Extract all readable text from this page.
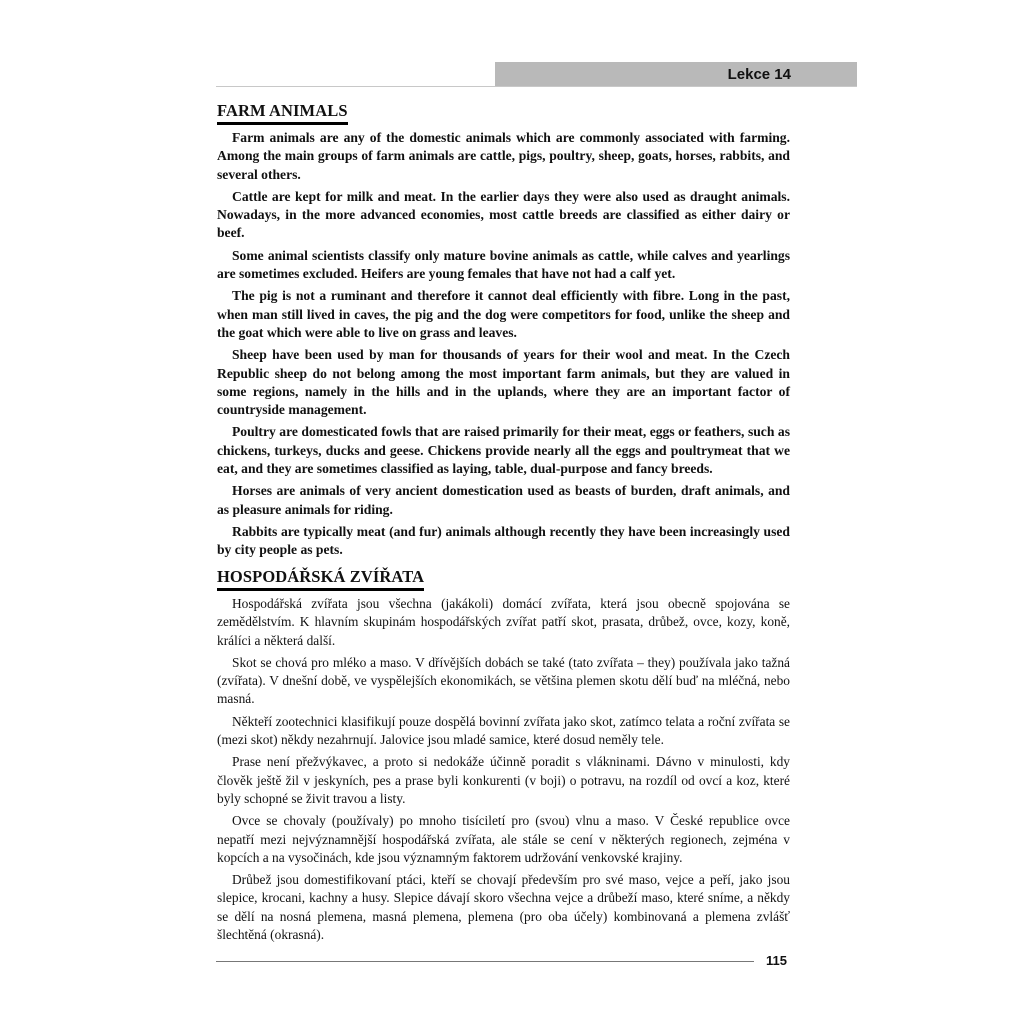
Lekce 14
FARM ANIMALS

Farm animals are any of the domestic animals which are commonly associated with farming. Among the main groups of farm animals are cattle, pigs, poultry, sheep, goats, horses, rabbits, and several others.

Cattle are kept for milk and meat. In the earlier days they were also used as draught animals. Nowadays, in the more advanced economies, most cattle breeds are classified as either dairy or beef.

Some animal scientists classify only mature bovine animals as cattle, while calves and yearlings are sometimes excluded. Heifers are young females that have not had a calf yet.

The pig is not a ruminant and therefore it cannot deal efficiently with fibre. Long in the past, when man still lived in caves, the pig and the dog were competitors for food, unlike the sheep and the goat which were able to live on grass and leaves.

Sheep have been used by man for thousands of years for their wool and meat. In the Czech Republic sheep do not belong among the most important farm animals, but they are valued in some regions, namely in the hills and in the uplands, where they are an important factor of countryside management.

Poultry are domesticated fowls that are raised primarily for their meat, eggs or feathers, such as chickens, turkeys, ducks and geese. Chickens provide nearly all the eggs and poultrymeat that we eat, and they are sometimes classified as laying, table, dual-purpose and fancy breeds.

Horses are animals of very ancient domestication used as beasts of burden, draft animals, and as pleasure animals for riding.

Rabbits are typically meat (and fur) animals although recently they have been increasingly used by city people as pets.

HOSPODÁŘSKÁ ZVÍŘATA

Hospodářská zvířata jsou všechna (jakákoli) domácí zvířata, která jsou obecně spojována se zemědělstvím. K hlavním skupinám hospodářských zvířat patří skot, prasata, drůbež, ovce, kozy, koně, králíci a některá další.

Skot se chová pro mléko a maso. V dřívějších dobách se také (tato zvířata – they) používala jako tažná (zvířata). V dnešní době, ve vyspělejších ekonomikách, se většina plemen skotu dělí buď na mléčná, nebo masná.

Někteří zootechnici klasifikují pouze dospělá bovinní zvířata jako skot, zatímco telata a roční zvířata se (mezi skot) někdy nezahrnují. Jalovice jsou mladé samice, které dosud neměly tele.

Prase není přežvýkavec, a proto si nedokáže účinně poradit s vlákninami. Dávno v minulosti, kdy člověk ještě žil v jeskyních, pes a prase byli konkurenti (v boji) o potravu, na rozdíl od ovcí a koz, které byly schopné se živit travou a listy.

Ovce se chovaly (používaly) po mnoho tisíciletí pro (svou) vlnu a maso. V České republice ovce nepatří mezi nejvýznamnější hospodářská zvířata, ale stále se cení v některých regionech, zejména v kopcích a na vysočinách, kde jsou významným faktorem udržování venkovské krajiny.

Drůbež jsou domestifikovaní ptáci, kteří se chovají především pro své maso, vejce a peří, jako jsou slepice, krocani, kachny a husy. Slepice dávají skoro všechna vejce a drůbeží maso, které sníme, a někdy se dělí na nosná plemena, masná plemena, plemena (pro oba účely) kombinovaná a plemena zvlášť šlechtěná (okrasná).

115
